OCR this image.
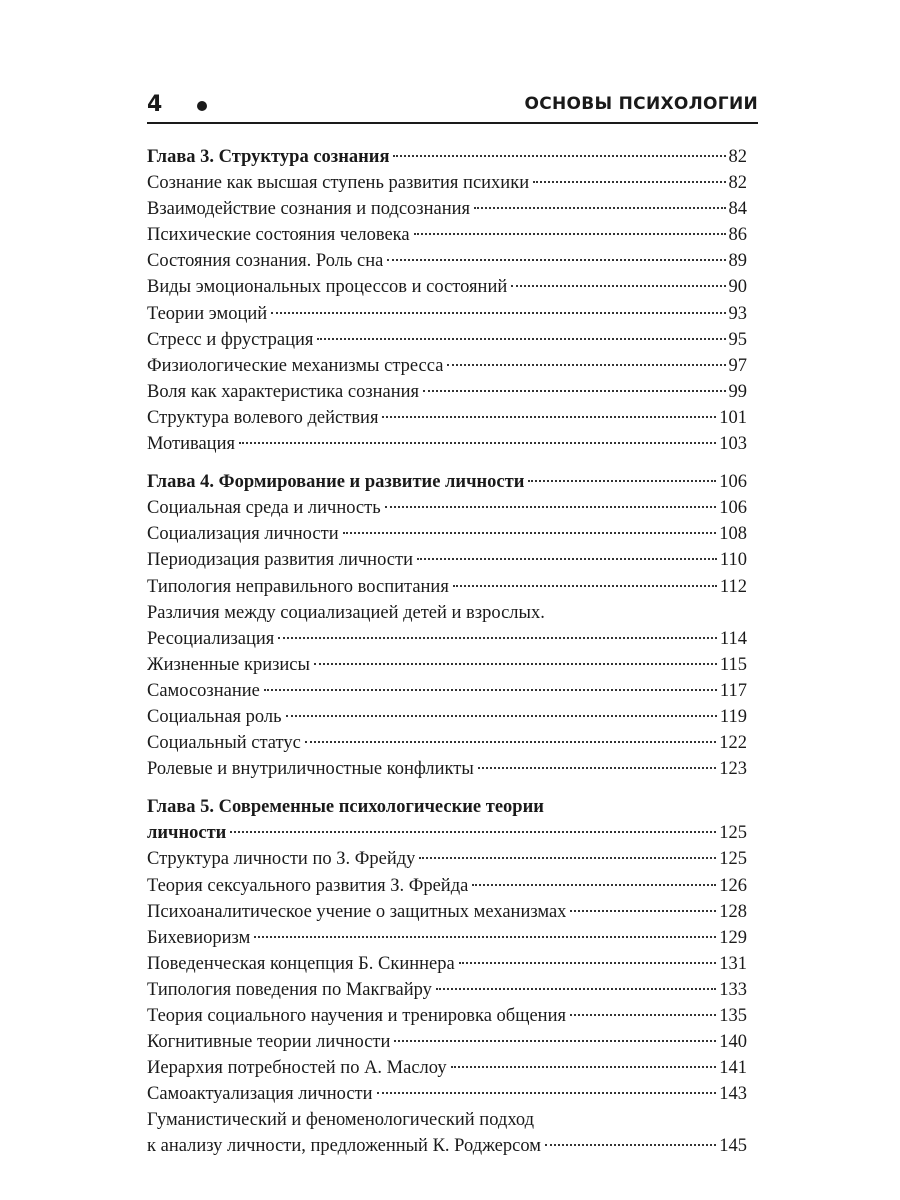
4	ОСНОВЫ ПСИХОЛОГИИ
Глава 3. Структура сознания	82
Сознание как высшая ступень развития психики	82
Взаимодействие сознания и подсознания	84
Психические состояния человека	86
Состояния сознания. Роль сна	89
Виды эмоциональных процессов и состояний	90
Теории эмоций	93
Стресс и фрустрация	95
Физиологические механизмы стресса	97
Воля как характеристика сознания	99
Структура волевого действия	101
Мотивация	103
Глава 4. Формирование и развитие личности	106
Социальная среда и личность	106
Социализация личности	108
Периодизация развития личности	110
Типология неправильного воспитания	112
Различия между социализацией детей и взрослых.
Ресоциализация	114
Жизненные кризисы	115
Самосознание	117
Социальная роль	119
Социальный статус	122
Ролевые и внутриличностные конфликты	123
Глава 5. Современные психологические теории
личности	125
Структура личности по З. Фрейду	125
Теория сексуального развития З. Фрейда	126
Психоаналитическое учение о защитных механизмах	128
Бихевиоризм	129
Поведенческая концепция Б. Скиннера	131
Типология поведения по Макгвайру	133
Теория социального научения и тренировка общения	135
Когнитивные теории личности	140
Иерархия потребностей по А. Маслоу	141
Самоактуализация личности	143
Гуманистический и феноменологический подход
к анализу личности, предложенный К. Роджерсом	145
